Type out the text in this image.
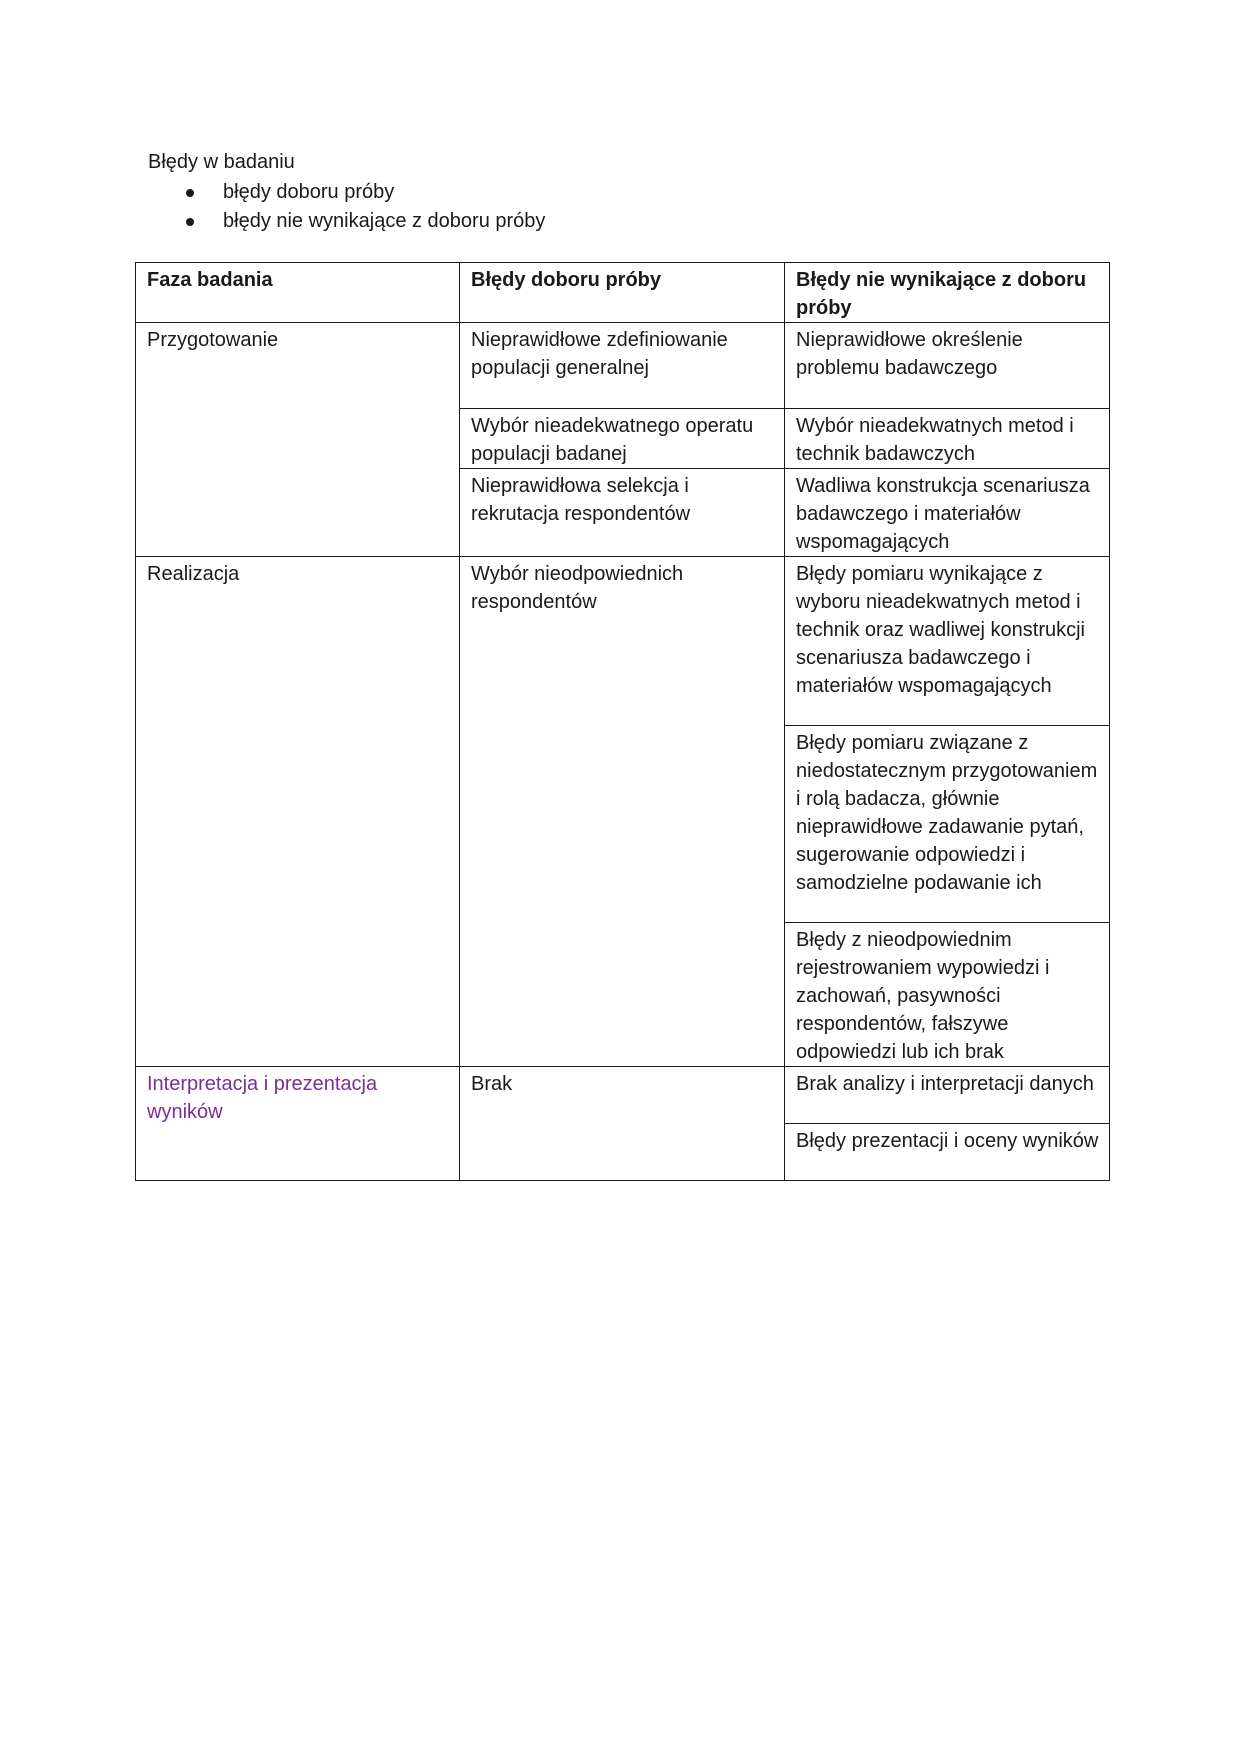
Błędy w badaniu
błędy doboru próby
błędy nie wynikające z doboru próby
Faza badania	Błędy doboru próby	Błędy nie wynikające z doboru próby
Przygotowanie	Nieprawidłowe zdefiniowanie populacji generalnej	Nieprawidłowe określenie problemu badawczego
	Wybór nieadekwatnego operatu populacji badanej	Wybór nieadekwatnych metod i technik badawczych
	Nieprawidłowa selekcja i rekrutacja respondentów	Wadliwa konstrukcja scenariusza badawczego i materiałów wspomagających
Realizacja	Wybór nieodpowiednich respondentów	Błędy pomiaru wynikające z wyboru nieadekwatnych metod i technik oraz wadliwej konstrukcji scenariusza badawczego i materiałów wspomagających
		Błędy pomiaru związane z niedostatecznym przygotowaniem i rolą badacza, głównie nieprawidłowe zadawanie pytań, sugerowanie odpowiedzi i samodzielne podawanie ich
		Błędy z nieodpowiednim rejestrowaniem wypowiedzi i zachowań, pasywności respondentów, fałszywe odpowiedzi lub ich brak
Interpretacja i prezentacja wyników	Brak	Brak analizy i interpretacji danych
		Błędy prezentacji i oceny wyników
